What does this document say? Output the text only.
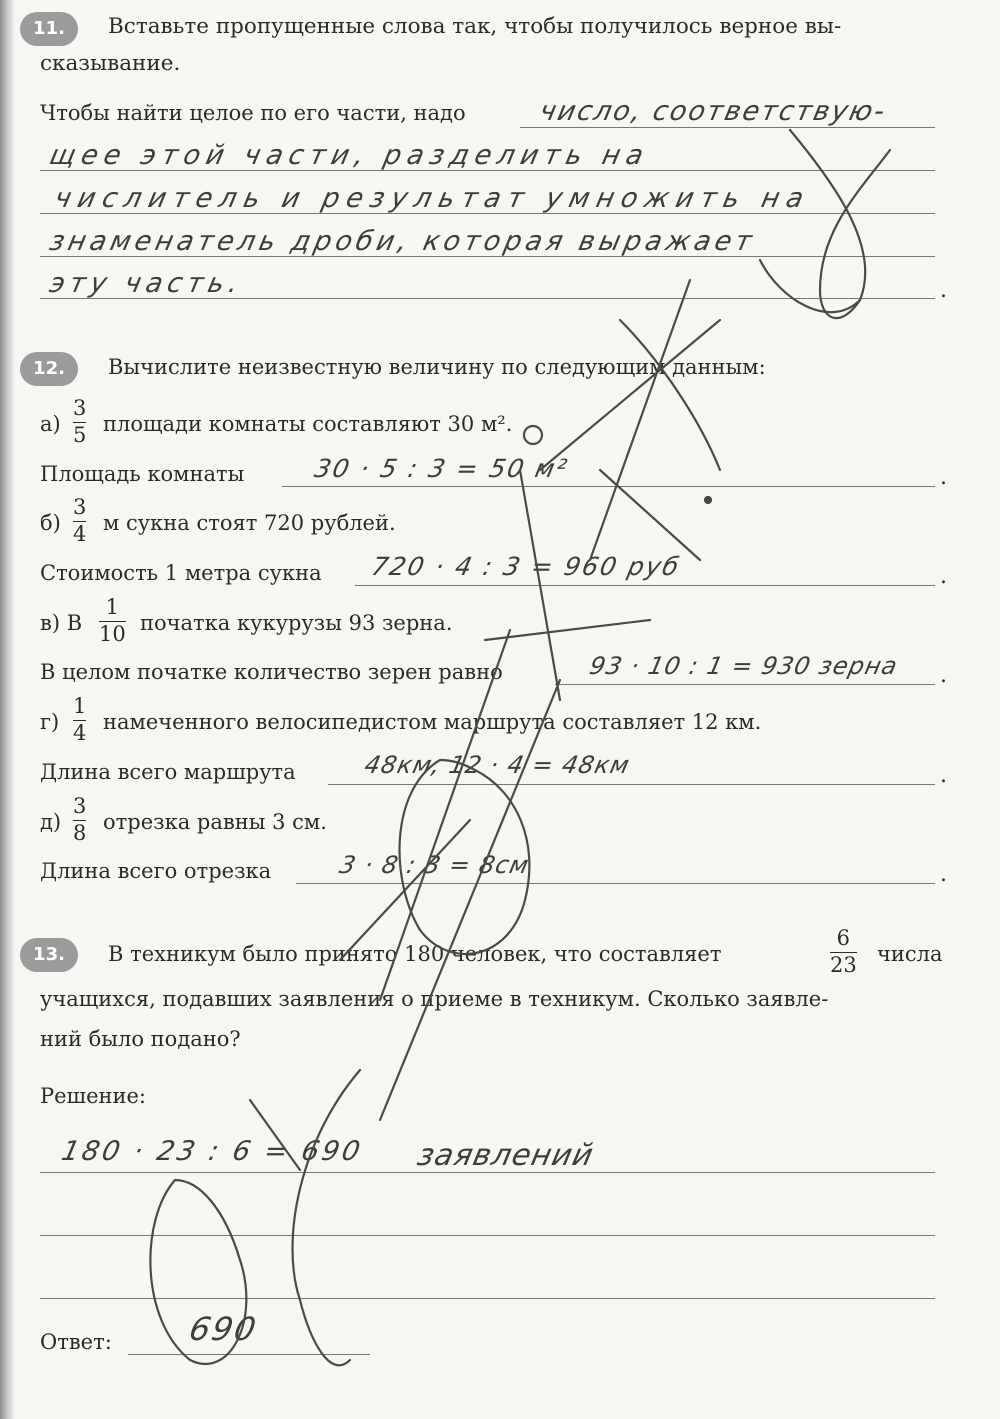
11.	Вставьте пропущенные слова так, чтобы получилось верное вы-
сказывание.
Чтобы найти целое по его части, надо
.
число, соответствую-
щее этой части, разделить на
числитель и результат умножить на
знаменатель дроби, которая выражает
эту часть.
12.	Вычислите неизвестную величину по следующим данным:
а)
3
5 площади комнаты составляют 30 м².
Площадь комнаты	.
30 · 5 : 3 = 50 м²
б)
3
4 м сукна стоят 720 рублей.
Стоимость 1 метра сукна	.
720 · 4 : 3 = 960 руб
в) В
1
10 початка кукурузы 93 зерна.
В целом початке количество зерен равно	.
93 · 10 : 1 = 930 зерна
г)
1
4 намеченного велосипедистом маршрута составляет 12 км.
Длина всего маршрута	.
48км, 12 · 4 = 48км
д)
3
8 отрезка равны 3 см.
Длина всего отрезка	.
3 · 8 : 3 = 8см
13.	В техникум было принято 180 человек, что составляет
6
23 числа
учащихся, подавших заявления о приеме в техникум. Сколько заявле-
ний было подано?
Решение:
180 · 23 : 6 = 690 заявлений
Ответ: 690
